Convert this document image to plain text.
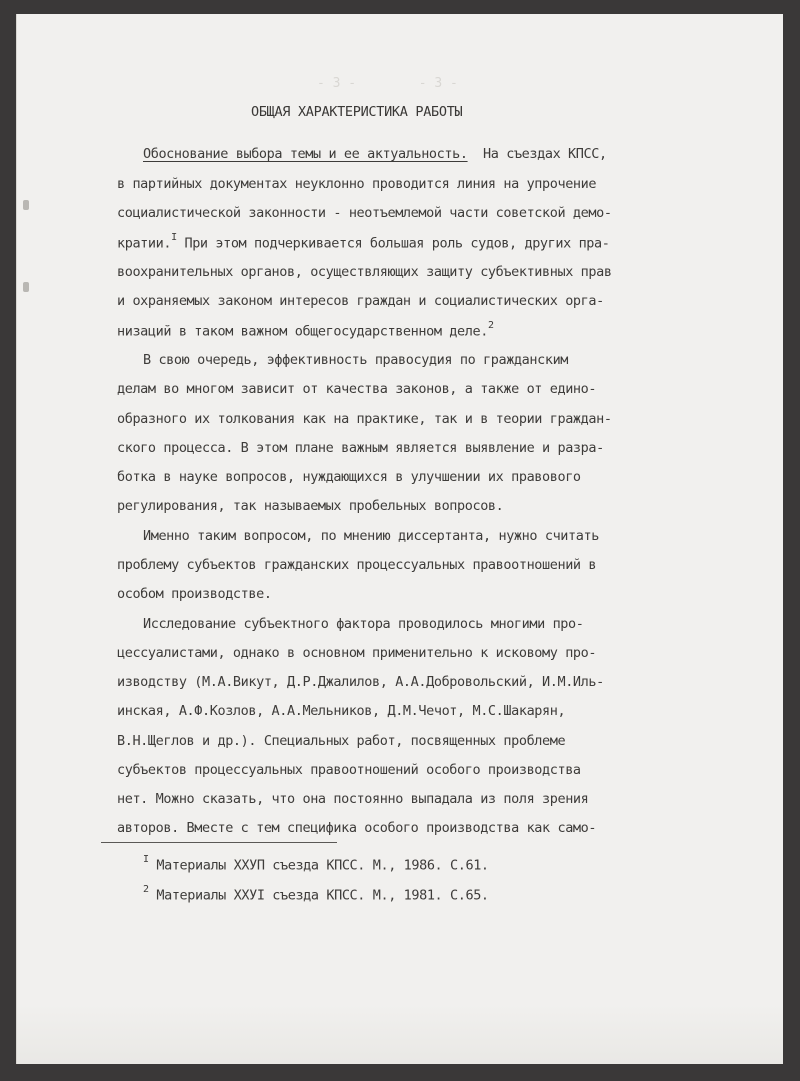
- 3 -        - 3 -

ОБЩАЯ ХАРАКТЕРИСТИКА РАБОТЫ

Обоснование выбора темы и ее актуальность.  На съездах КПСС,

в партийных документах неуклонно проводится линия на упрочение

социалистической законности - неотъемлемой части советской демо-

кратии.$^I$ При этом подчеркивается большая роль судов, других пра-

воохранительных органов, осуществляющих защиту субъективных прав

и охраняемых законом интересов граждан и социалистических орга-

низаций в таком важном общегосударственном деле.$^2$

В свою очередь, эффективность правосудия по гражданским

делам во многом зависит от качества законов, а также от едино-

образного их толкования как на практике, так и в теории граждан-

ского процесса. В этом плане важным является выявление и разра-

ботка в науке вопросов, нуждающихся в улучшении их правового

регулирования, так называемых пробельных вопросов.

Именно таким вопросом, по мнению диссертанта, нужно считать

проблему субъектов гражданских процессуальных правоотношений в

особом производстве.

Исследование субъектного фактора проводилось многими про-

цессуалистами, однако в основном применительно к исковому про-

изводству (М.А.Викут, Д.Р.Джалилов, А.А.Добровольский, И.М.Иль-

инская, А.Ф.Козлов, А.А.Мельников, Д.М.Чечот, М.С.Шакарян,

В.Н.Щеглов и др.). Специальных работ, посвященных проблеме

субъектов процессуальных правоотношений особого производства

нет. Можно сказать, что она постоянно выпадала из поля зрения

авторов. Вместе с тем специфика особого производства как само-

$^I$ Материалы ХХУП съезда КПСС. М., 1986. С.61.

$^2$ Материалы ХХУI съезда КПСС. М., 1981. С.65.
